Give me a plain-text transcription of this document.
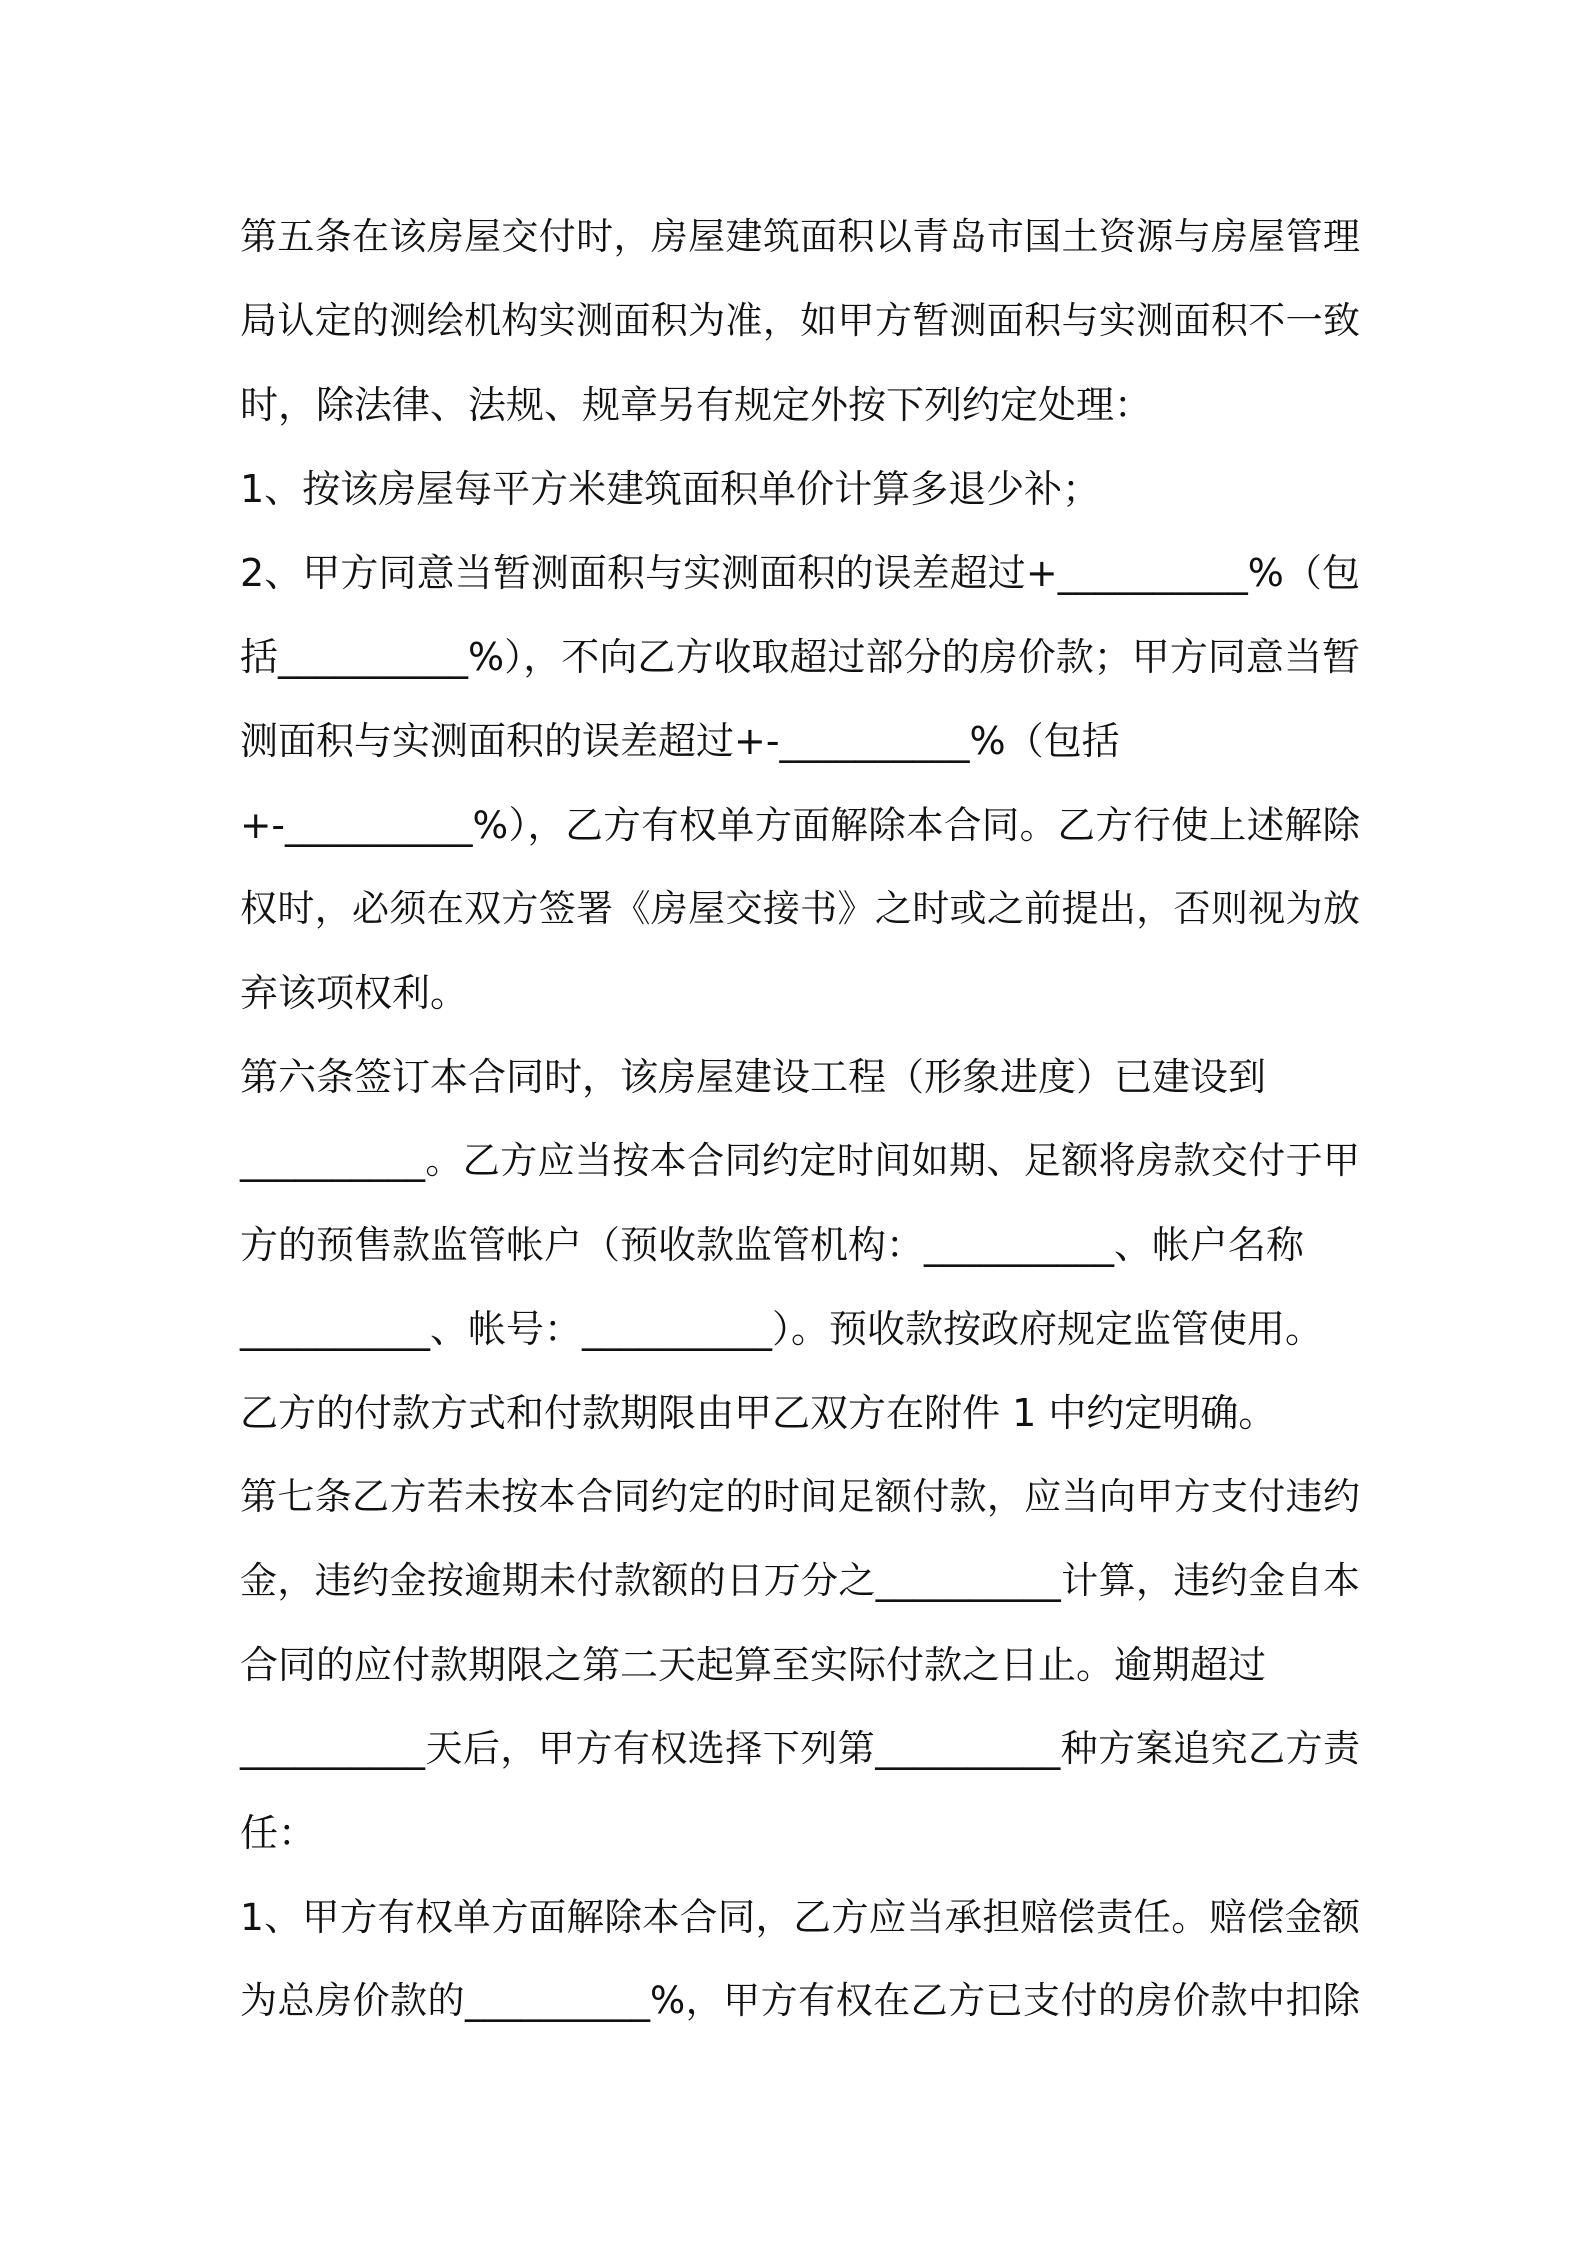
第五条在该房屋交付时，房屋建筑面积以青岛市国土资源与房屋管理
局认定的测绘机构实测面积为准，如甲方暂测面积与实测面积不一致
时，除法律、法规、规章另有规定外按下列约定处理：
1、按该房屋每平方米建筑面积单价计算多退少补；
2、甲方同意当暂测面积与实测面积的误差超过+__________%（包
括__________%），不向乙方收取超过部分的房价款；甲方同意当暂
测面积与实测面积的误差超过+-__________%（包括
+-__________%），乙方有权单方面解除本合同。乙方行使上述解除
权时，必须在双方签署《房屋交接书》之时或之前提出，否则视为放
弃该项权利。
第六条签订本合同时，该房屋建设工程（形象进度）已建设到
__________。乙方应当按本合同约定时间如期、足额将房款交付于甲
方的预售款监管帐户（预收款监管机构：__________、帐户名称
__________、帐号：__________）。预收款按政府规定监管使用。
乙方的付款方式和付款期限由甲乙双方在附件 1 中约定明确。
第七条乙方若未按本合同约定的时间足额付款，应当向甲方支付违约
金，违约金按逾期未付款额的日万分之__________计算，违约金自本
合同的应付款期限之第二天起算至实际付款之日止。逾期超过
__________天后，甲方有权选择下列第__________种方案追究乙方责
任：
1、甲方有权单方面解除本合同，乙方应当承担赔偿责任。赔偿金额
为总房价款的__________%，甲方有权在乙方已支付的房价款中扣除
